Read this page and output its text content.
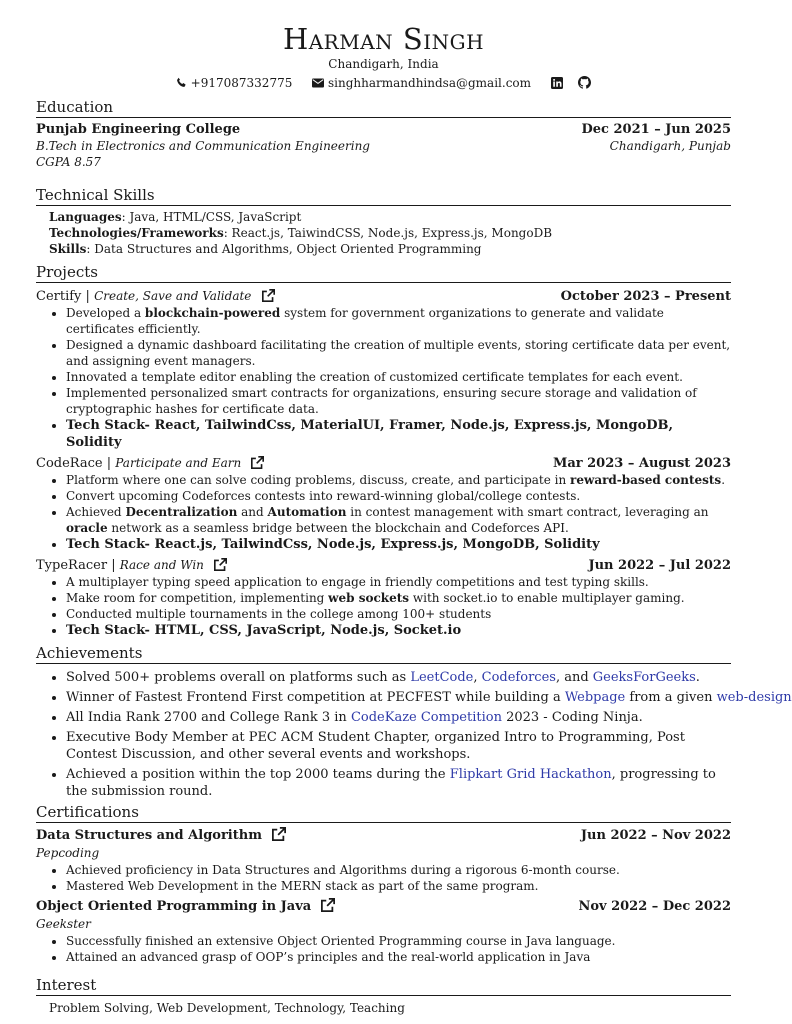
Harman Singh
Chandigarh, India
+917087332775	singhharmandhindsa@gmail.com
Education
Punjab Engineering College	Dec 2021 – Jun 2025
B.Tech in Electronics and Communication Engineering	Chandigarh, Punjab
CGPA 8.57
Technical Skills
Languages: Java, HTML/CSS, JavaScript
Technologies/Frameworks: React.js, TaiwindCSS, Node.js, Express.js, MongoDB
Skills: Data Structures and Algorithms, Object Oriented Programming
Projects
Certify | Create, Save and Validate	October 2023 – Present
• Developed a blockchain-powered system for government organizations to generate and validate certificates efficiently.
• Designed a dynamic dashboard facilitating the creation of multiple events, storing certificate data per event, and assigning event managers.
• Innovated a template editor enabling the creation of customized certificate templates for each event.
• Implemented personalized smart contracts for organizations, ensuring secure storage and validation of cryptographic hashes for certificate data.
• Tech Stack- React, TailwindCss, MaterialUI, Framer, Node.js, Express.js, MongoDB, Solidity
CodeRace | Participate and Earn	Mar 2023 – August 2023
• Platform where one can solve coding problems, discuss, create, and participate in reward-based contests.
• Convert upcoming Codeforces contests into reward-winning global/college contests.
• Achieved Decentralization and Automation in contest management with smart contract, leveraging an oracle network as a seamless bridge between the blockchain and Codeforces API.
• Tech Stack- React.js, TailwindCss, Node.js, Express.js, MongoDB, Solidity
TypeRacer | Race and Win	Jun 2022 – Jul 2022
• A multiplayer typing speed application to engage in friendly competitions and test typing skills.
• Make room for competition, implementing web sockets with socket.io to enable multiplayer gaming.
• Conducted multiple tournaments in the college among 100+ students
• Tech Stack- HTML, CSS, JavaScript, Node.js, Socket.io
Achievements
• Solved 500+ problems overall on platforms such as LeetCode, Codeforces, and GeeksForGeeks.
• Winner of Fastest Frontend First competition at PECFEST while building a Webpage from a given web-design
• All India Rank 2700 and College Rank 3 in CodeKaze Competition 2023 - Coding Ninja.
• Executive Body Member at PEC ACM Student Chapter, organized Intro to Programming, Post Contest Discussion, and other several events and workshops.
• Achieved a position within the top 2000 teams during the Flipkart Grid Hackathon, progressing to the submission round.
Certifications
Data Structures and Algorithm	Jun 2022 – Nov 2022
Pepcoding
• Achieved proficiency in Data Structures and Algorithms during a rigorous 6-month course.
• Mastered Web Development in the MERN stack as part of the same program.
Object Oriented Programming in Java	Nov 2022 – Dec 2022
Geekster
• Successfully finished an extensive Object Oriented Programming course in Java language.
• Attained an advanced grasp of OOP’s principles and the real-world application in Java
Interest
Problem Solving, Web Development, Technology, Teaching
